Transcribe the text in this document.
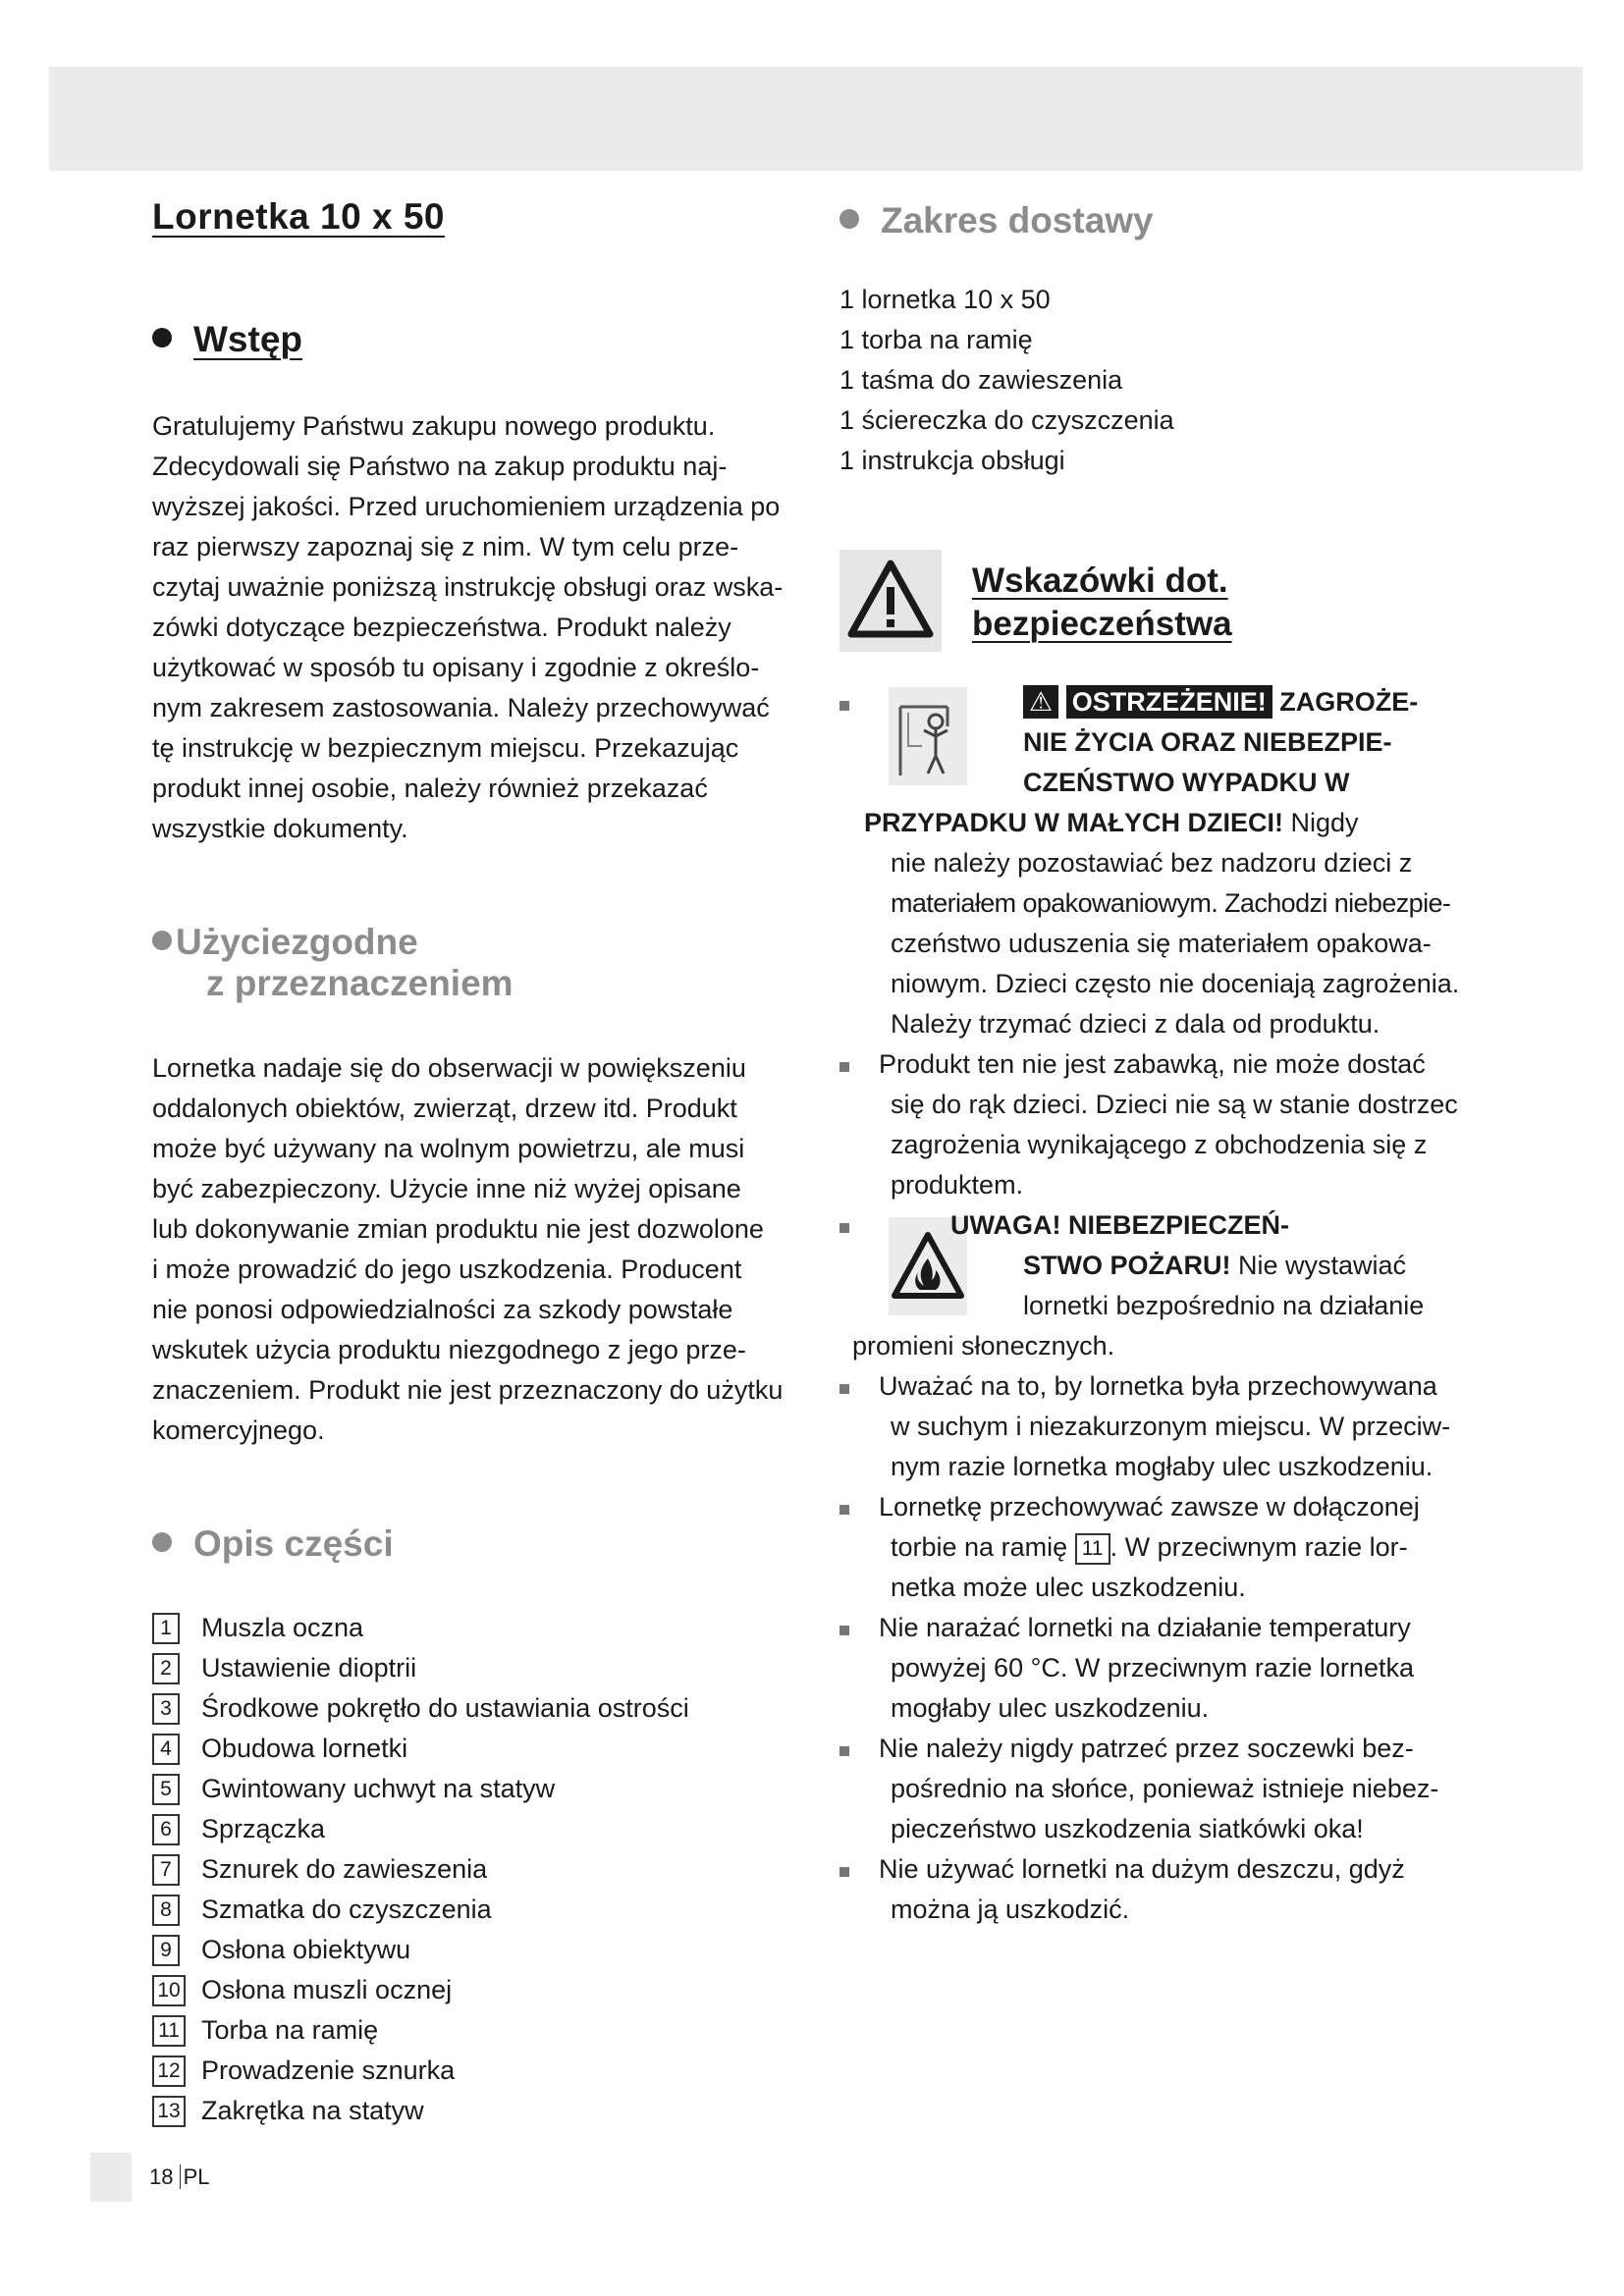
Lornetka 10 x 50
Wstęp

Gratulujemy Państwu zakupu nowego produktu.

Zdecydowali się Państwo na zakup produktu naj-

wyższej jakości. Przed uruchomieniem urządzenia po

raz pierwszy zapoznaj się z nim. W tym celu prze-

czytaj uważnie poniższą instrukcję obsługi oraz wska-

zówki dotyczące bezpieczeństwa. Produkt należy

użytkować w sposób tu opisany i zgodnie z określo-

nym zakresem zastosowania. Należy przechowywać

tę instrukcję w bezpiecznym miejscu. Przekazując

produkt innej osobie, należy również przekazać

wszystkie dokumenty.

Użyciezgodne
z przeznaczeniem

Lornetka nadaje się do obserwacji w powiększeniu

oddalonych obiektów, zwierząt, drzew itd. Produkt

może być używany na wolnym powietrzu, ale musi

być zabezpieczony. Użycie inne niż wyżej opisane

lub dokonywanie zmian produktu nie jest dozwolone

i może prowadzić do jego uszkodzenia. Producent

nie ponosi odpowiedzialności za szkody powstałe

wskutek użycia produktu niezgodnego z jego prze-

znaczeniem. Produkt nie jest przeznaczony do użytku

komercyjnego.

Opis części
1	Muszla oczna
2	Ustawienie dioptrii
3	Środkowe pokrętło do ustawiania ostrości
4	Obudowa lornetki
5	Gwintowany uchwyt na statyw
6	Sprzączka
7	Sznurek do zawieszenia
8	Szmatka do czyszczenia
9	Osłona obiektywu
10 Osłona muszli ocznej
11 Torba na ramię
12 Prowadzenie sznurka
13 Zakrętka na statyw
Zakres dostawy
1 lornetka 10 x 50
1 torba na ramię
1 taśma do zawieszenia
1 ściereczka do czyszczenia
1 instrukcja obsługi
Wskazówki dot.
bezpieczeństwa

⚠ OSTRZEŻENIE! ZAGROŻE-

NIE ŻYCIA ORAZ NIEBEZPIE-

CZEŃSTWO WYPADKU W

PRZYPADKU W MAŁYCH DZIECI! Nigdy

nie należy pozostawiać bez nadzoru dzieci z

materiałem opakowaniowym. Zachodzi niebezpie-

czeństwo uduszenia się materiałem opakowa-

niowym. Dzieci często nie doceniają zagrożenia.

Należy trzymać dzieci z dala od produktu.

Produkt ten nie jest zabawką, nie może dostać

się do rąk dzieci. Dzieci nie są w stanie dostrzec

zagrożenia wynikającego z obchodzenia się z

produktem.

UWAGA! NIEBEZPIECZEŃ-

STWO POŻARU! Nie wystawiać

lornetki bezpośrednio na działanie

promieni słonecznych.

Uważać na to, by lornetka była przechowywana

w suchym i niezakurzonym miejscu. W przeciw-

nym razie lornetka mogłaby ulec uszkodzeniu.

Lornetkę przechowywać zawsze w dołączonej

torbie na ramię 11 . W przeciwnym razie lor-

netka może ulec uszkodzeniu.

Nie narażać lornetki na działanie temperatury

powyżej 60 °C. W przeciwnym razie lornetka

mogłaby ulec uszkodzeniu.

Nie należy nigdy patrzeć przez soczewki bez-

pośrednio na słońce, ponieważ istnieje niebez-

pieczeństwo uszkodzenia siatkówki oka!

Nie używać lornetki na dużym deszczu, gdyż

można ją uszkodzić.

18 PL
